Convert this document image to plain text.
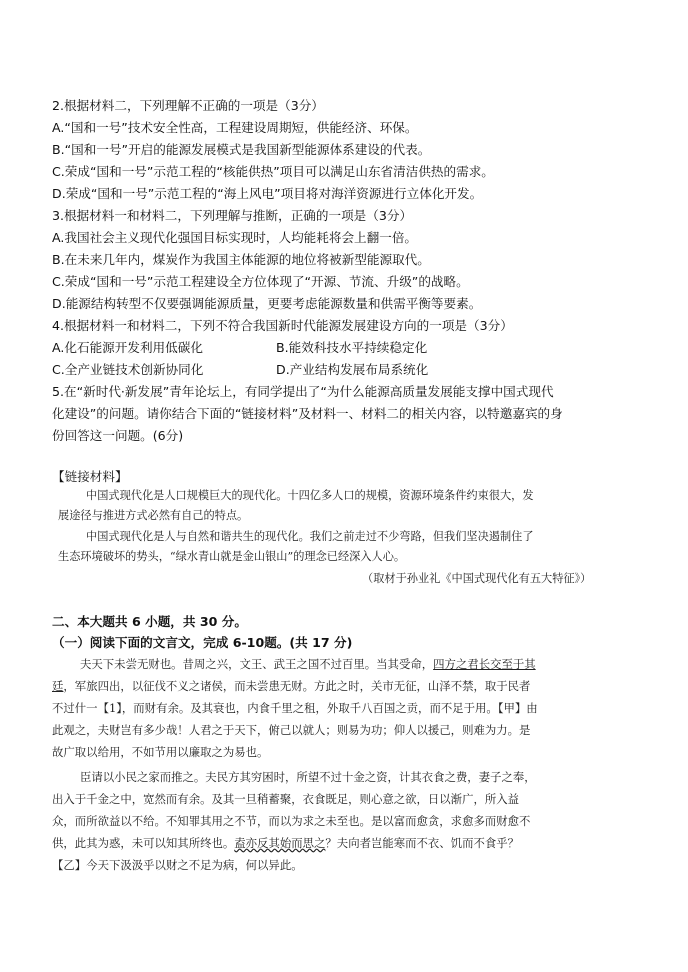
2.根据材料二，下列理解不正确的一项是（3分）
A.“国和一号”技术安全性高，工程建设周期短，供能经济、环保。
B.“国和一号”开启的能源发展模式是我国新型能源体系建设的代表。
C.荣成“国和一号”示范工程的“核能供热”项目可以满足山东省清洁供热的需求。
D.荣成“国和一号”示范工程的“海上风电”项目将对海洋资源进行立体化开发。
3.根据材料一和材料二，下列理解与推断，正确的一项是（3分）
A.我国社会主义现代化强国目标实现时，人均能耗将会上翻一倍。
B.在未来几年内，煤炭作为我国主体能源的地位将被新型能源取代。
C.荣成“国和一号”示范工程建设全方位体现了“开源、节流、升级”的战略。
D.能源结构转型不仅要强调能源质量，更要考虑能源数量和供需平衡等要素。
4.根据材料一和材料二，下列不符合我国新时代能源发展建设方向的一项是（3分）
A.化石能源开发利用低碳化	B.能效科技水平持续稳定化
C.全产业链技术创新协同化	D.产业结构发展布局系统化
5.在“新时代·新发展”青年论坛上，有同学提出了“为什么能源高质量发展能支撑中国式现代
化建设”的问题。请你结合下面的“链接材料”及材料一、材料二的相关内容，以特邀嘉宾的身
份回答这一问题。(6分)
【链接材料】
中国式现代化是人口规模巨大的现代化。十四亿多人口的规模，资源环境条件约束很大，发
展途径与推进方式必然有自己的特点。
中国式现代化是人与自然和谐共生的现代化。我们之前走过不少弯路，但我们坚决遏制住了
生态环境破坏的势头，“绿水青山就是金山银山”的理念已经深入人心。
（取材于孙业礼《中国式现代化有五大特征》）
二、本大题共 6 小题，共 30 分。
（一）阅读下面的文言文，完成 6-10题。(共 17 分)
夫天下未尝无财也。昔周之兴，文王、武王之国不过百里。当其受命，四方之君长交至于其
廷，军旅四出，以征伐不义之诸侯，而未尝患无财。方此之时，关市无征，山泽不禁，取于民者
不过什一【1】，而财有余。及其衰也，内食千里之租，外取千八百国之贡，而不足于用。【甲】由
此观之，夫财岂有多少哉！人君之于天下，俯己以就人；则易为功；仰人以援己，则难为力。是
故广取以给用，不如节用以廉取之为易也。
臣请以小民之家而推之。夫民方其穷困时，所望不过十金之资，计其衣食之费，妻子之奉，
出入于千金之中，宽然而有余。及其一旦稍蓄聚，衣食既足，则心意之欲，日以渐广，所入益
众，而所欲益以不给。不知罪其用之不节，而以为求之未至也。是以富而愈贪，求愈多而财愈不
供，此其为惑，未可以知其所终也。盍亦反其始而思之？夫向者岂能寒而不衣、饥而不食乎？
【乙】今天下汲汲乎以财之不足为病，何以异此。
